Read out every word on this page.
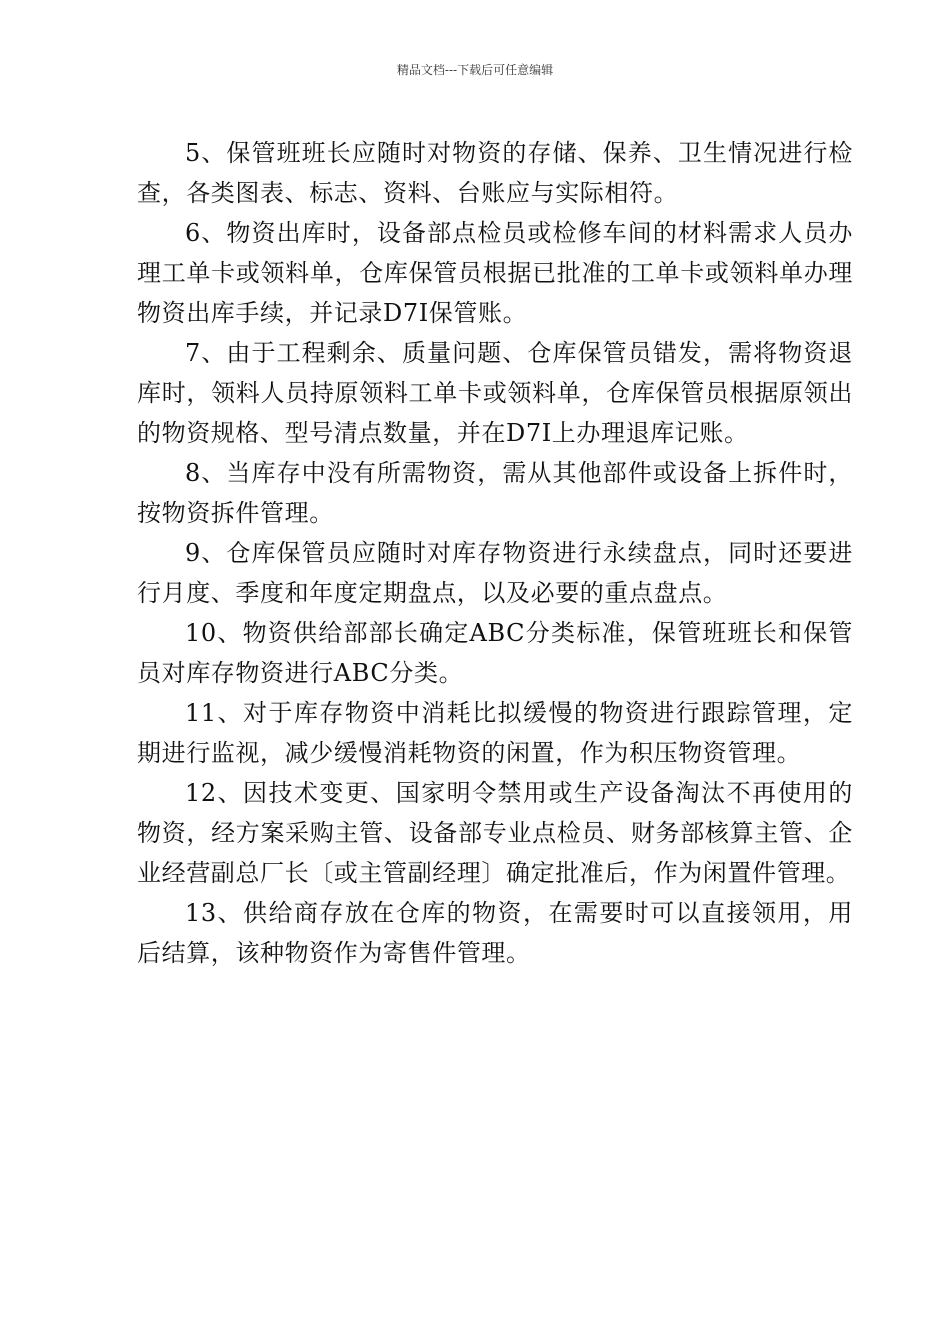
精品文档---下载后可任意编辑

5、保管班班长应随时对物资的存储、保养、卫生情况进行检查，各类图表、标志、资料、台账应与实际相符。

6、物资出库时，设备部点检员或检修车间的材料需求人员办理工单卡或领料单，仓库保管员根据已批准的工单卡或领料单办理物资出库手续，并记录D7I保管账。

7、由于工程剩余、质量问题、仓库保管员错发，需将物资退库时，领料人员持原领料工单卡或领料单，仓库保管员根据原领出的物资规格、型号清点数量，并在D7I上办理退库记账。

8、当库存中没有所需物资，需从其他部件或设备上拆件时，按物资拆件管理。

9、仓库保管员应随时对库存物资进行永续盘点，同时还要进行月度、季度和年度定期盘点，以及必要的重点盘点。

10、物资供给部部长确定ABC分类标准，保管班班长和保管员对库存物资进行ABC分类。

11、对于库存物资中消耗比拟缓慢的物资进行跟踪管理，定期进行监视，减少缓慢消耗物资的闲置，作为积压物资管理。

12、因技术变更、国家明令禁用或生产设备淘汰不再使用的物资，经方案采购主管、设备部专业点检员、财务部核算主管、企业经营副总厂长〔或主管副经理〕确定批准后，作为闲置件管理。

13、供给商存放在仓库的物资，在需要时可以直接领用，用后结算，该种物资作为寄售件管理。
